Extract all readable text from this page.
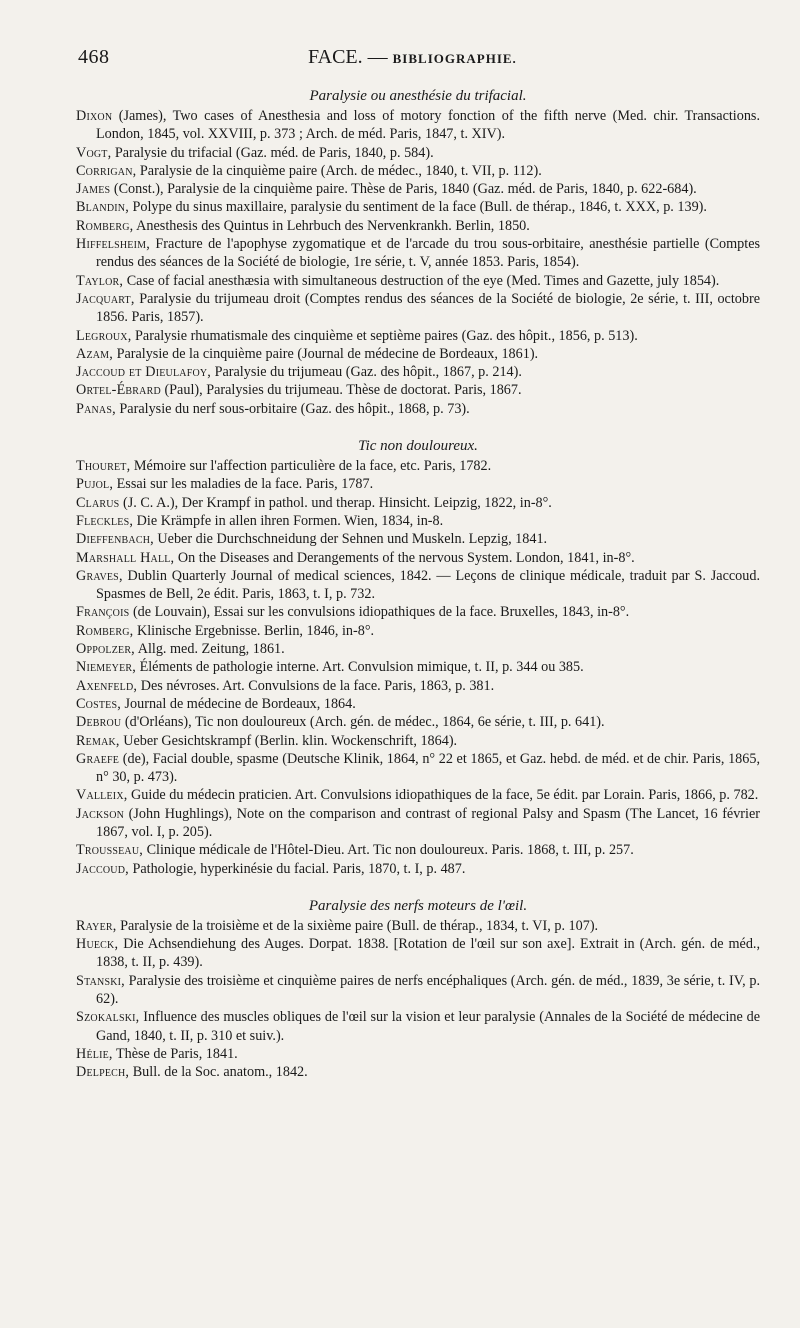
468	FACE. — BIBLIOGRAPHIE.
Paralysie ou anesthésie du trifacial.
Dixon (James), Two cases of Anesthesia and loss of motory fonction of the fifth nerve (Med. chir. Transactions. London, 1845, vol. XXVIII, p. 373 ; Arch. de méd. Paris, 1847, t. XIV).
Vogt, Paralysie du trifacial (Gaz. méd. de Paris, 1840, p. 584).
Corrigan, Paralysie de la cinquième paire (Arch. de médec., 1840, t. VII, p. 112).
James (Const.), Paralysie de la cinquième paire. Thèse de Paris, 1840 (Gaz. méd. de Paris, 1840, p. 622-684).
Blandin, Polype du sinus maxillaire, paralysie du sentiment de la face (Bull. de thérap., 1846, t. XXX, p. 139).
Romberg, Anesthesis des Quintus in Lehrbuch des Nervenkrankh. Berlin, 1850.
Hiffelsheim, Fracture de l'apophyse zygomatique et de l'arcade du trou sous-orbitaire, anesthésie partielle (Comptes rendus des séances de la Société de biologie, 1re série, t. V, année 1853. Paris, 1854).
Taylor, Case of facial anesthæsia with simultaneous destruction of the eye (Med. Times and Gazette, july 1854).
Jacquart, Paralysie du trijumeau droit (Comptes rendus des séances de la Société de biologie, 2e série, t. III, octobre 1856. Paris, 1857).
Legroux, Paralysie rhumatismale des cinquième et septième paires (Gaz. des hôpit., 1856, p. 513).
Azam, Paralysie de la cinquième paire (Journal de médecine de Bordeaux, 1861).
Jaccoud et Dieulafoy, Paralysie du trijumeau (Gaz. des hôpit., 1867, p. 214).
Ortel-Ébrard (Paul), Paralysies du trijumeau. Thèse de doctorat. Paris, 1867.
Panas, Paralysie du nerf sous-orbitaire (Gaz. des hôpit., 1868, p. 73).
Tic non douloureux.
Thouret, Mémoire sur l'affection particulière de la face, etc. Paris, 1782.
Pujol, Essai sur les maladies de la face. Paris, 1787.
Clarus (J. C. A.), Der Krampf in pathol. und therap. Hinsicht. Leipzig, 1822, in-8°.
Fleckles, Die Krämpfe in allen ihren Formen. Wien, 1834, in-8.
Dieffenbach, Ueber die Durchschneidung der Sehnen und Muskeln. Lepzig, 1841.
Marshall Hall, On the Diseases and Derangements of the nervous System. London, 1841, in-8°.
Graves, Dublin Quarterly Journal of medical sciences, 1842. — Leçons de clinique médicale, traduit par S. Jaccoud. Spasmes de Bell, 2e édit. Paris, 1863, t. I, p. 732.
François (de Louvain), Essai sur les convulsions idiopathiques de la face. Bruxelles, 1843, in-8°.
Romberg, Klinische Ergebnisse. Berlin, 1846, in-8°.
Oppolzer, Allg. med. Zeitung, 1861.
Niemeyer, Éléments de pathologie interne. Art. Convulsion mimique, t. II, p. 344 ou 385.
Axenfeld, Des névroses. Art. Convulsions de la face. Paris, 1863, p. 381.
Costes, Journal de médecine de Bordeaux, 1864.
Debrou (d'Orléans), Tic non douloureux (Arch. gén. de médec., 1864, 6e série, t. III, p. 641).
Remak, Ueber Gesichtskrampf (Berlin. klin. Wockenschrift, 1864).
Graefe (de), Facial double, spasme (Deutsche Klinik, 1864, n° 22 et 1865, et Gaz. hebd. de méd. et de chir. Paris, 1865, n° 30, p. 473).
Valleix, Guide du médecin praticien. Art. Convulsions idiopathiques de la face, 5e édit. par Lorain. Paris, 1866, p. 782.
Jackson (John Hughlings), Note on the comparison and contrast of regional Palsy and Spasm (The Lancet, 16 février 1867, vol. I, p. 205).
Trousseau, Clinique médicale de l'Hôtel-Dieu. Art. Tic non douloureux. Paris. 1868, t. III, p. 257.
Jaccoud, Pathologie, hyperkinésie du facial. Paris, 1870, t. I, p. 487.
Paralysie des nerfs moteurs de l'œil.
Rayer, Paralysie de la troisième et de la sixième paire (Bull. de thérap., 1834, t. VI, p. 107).
Hueck, Die Achsendiehung des Auges. Dorpat. 1838. [Rotation de l'œil sur son axe]. Extrait in (Arch. gén. de méd., 1838, t. II, p. 439).
Stanski, Paralysie des troisième et cinquième paires de nerfs encéphaliques (Arch. gén. de méd., 1839, 3e série, t. IV, p. 62).
Szokalski, Influence des muscles obliques de l'œil sur la vision et leur paralysie (Annales de la Société de médecine de Gand, 1840, t. II, p. 310 et suiv.).
Hélie, Thèse de Paris, 1841.
Delpech, Bull. de la Soc. anatom., 1842.
